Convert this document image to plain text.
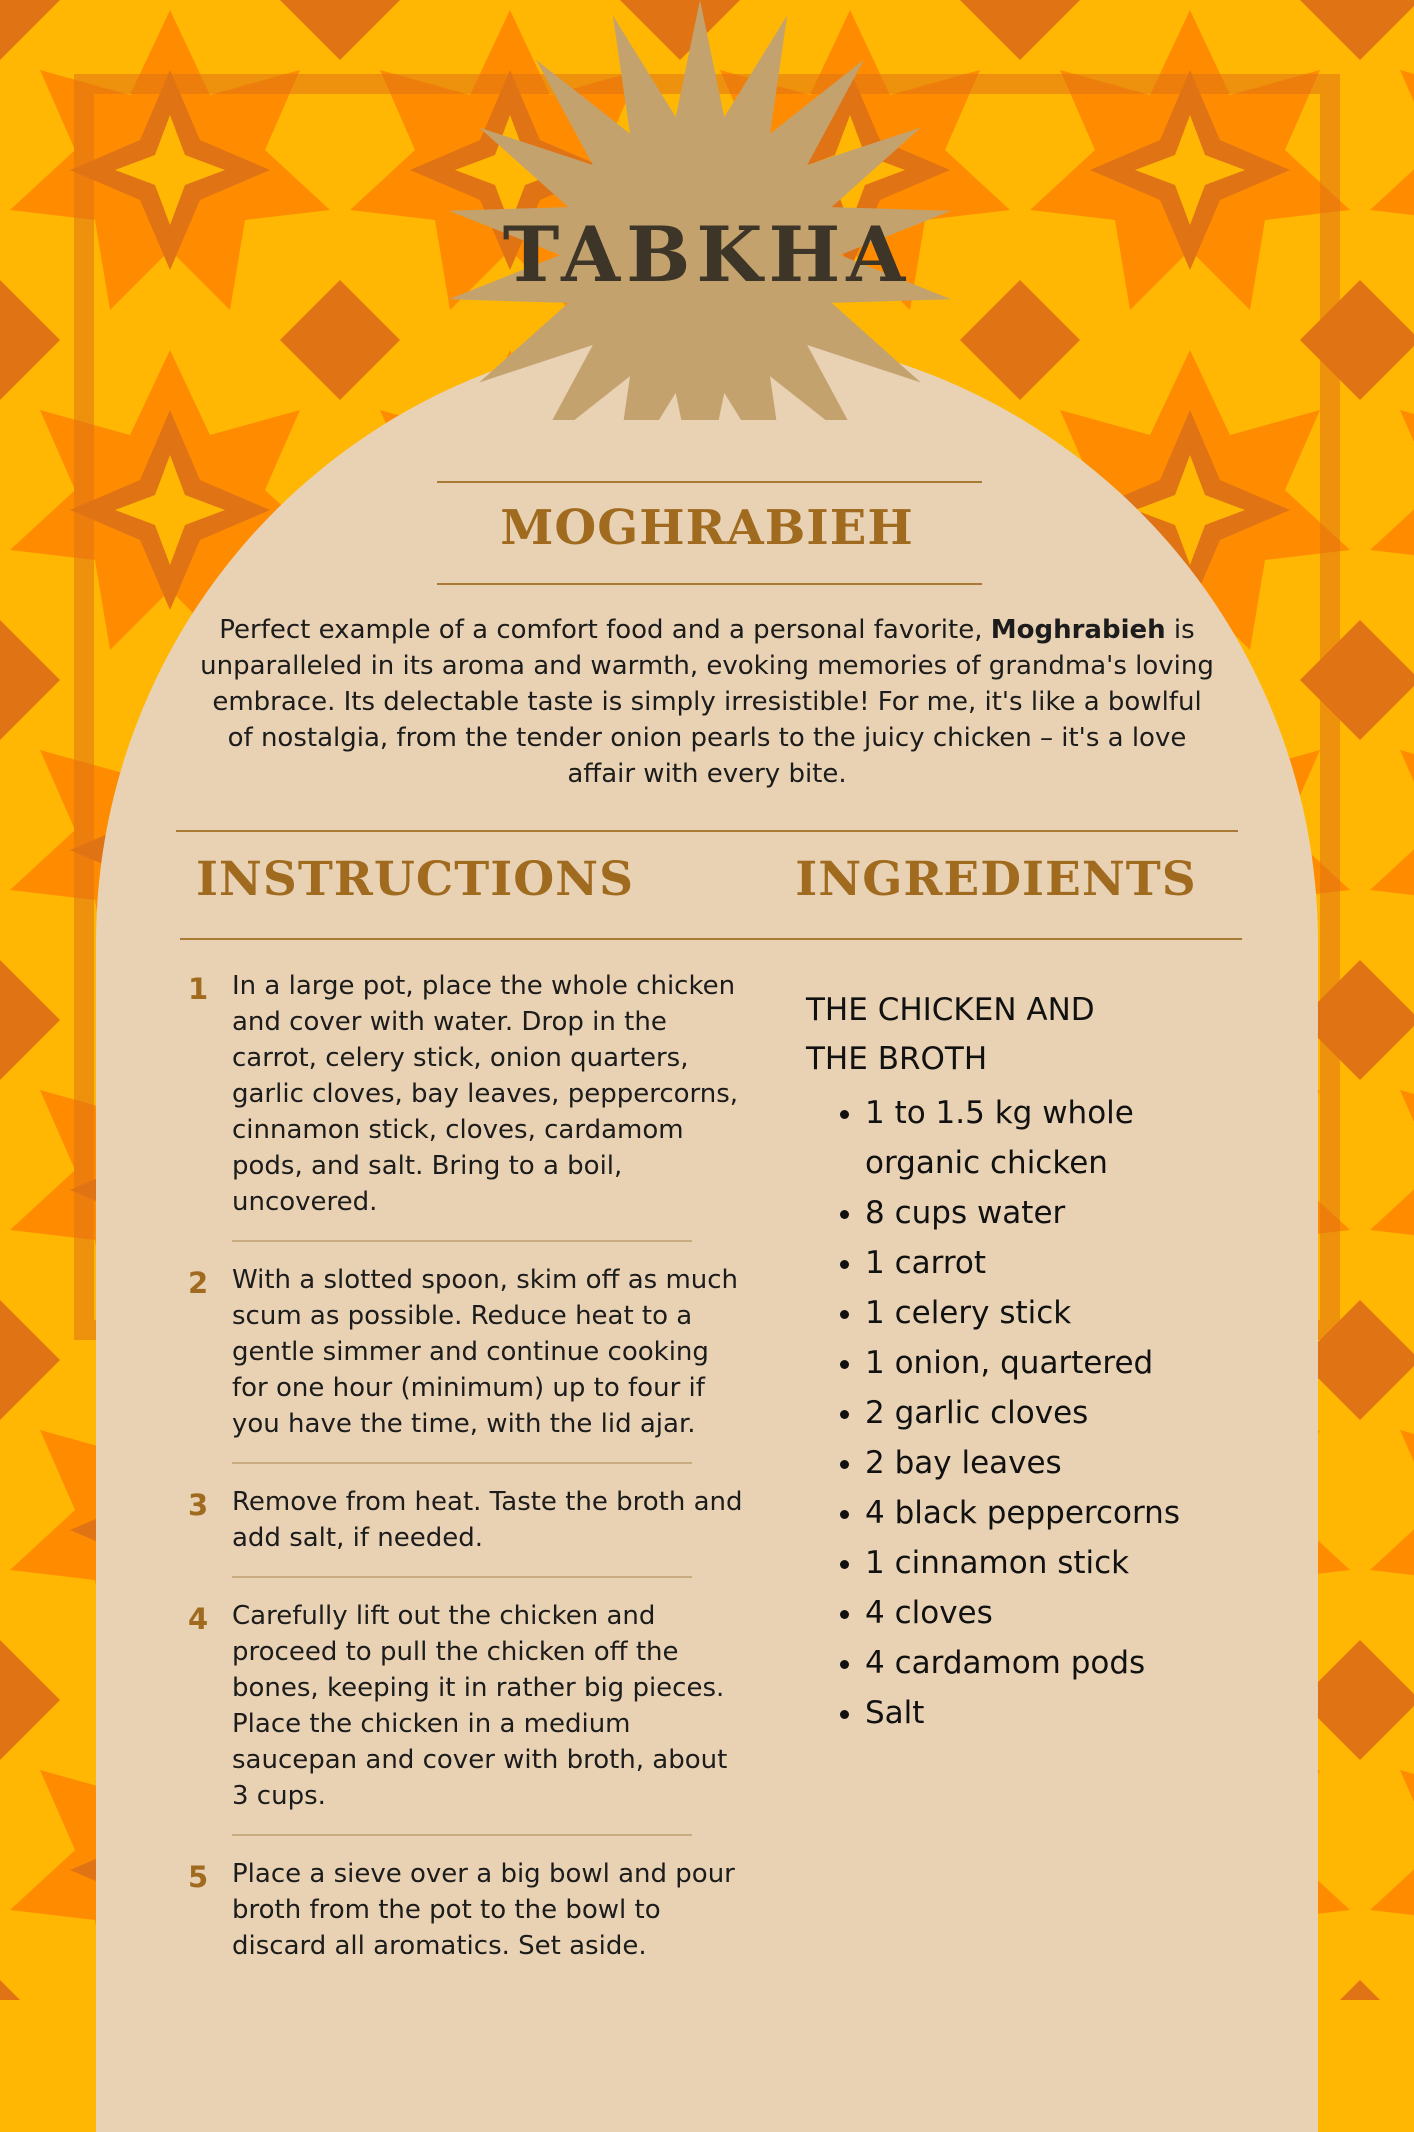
TABKHA
MOGHRABIEH

Perfect example of a comfort food and a personal favorite, Moghrabieh is unparalleled in its aroma and warmth, evoking memories of grandma's loving embrace. Its delectable taste is simply irresistible! For me, it's like a bowlful of nostalgia, from the tender onion pearls to the juicy chicken – it's a love affair with every bite.

INSTRUCTIONS	INGREDIENTS
1 In a large pot, place the whole chicken and cover with water. Drop in the carrot, celery stick, onion quarters, garlic cloves, bay leaves, peppercorns, cinnamon stick, cloves, cardamom pods, and salt. Bring to a boil, uncovered.
2 With a slotted spoon, skim off as much scum as possible. Reduce heat to a gentle simmer and continue cooking for one hour (minimum) up to four if you have the time, with the lid ajar.
3 Remove from heat. Taste the broth and add salt, if needed.
4 Carefully lift out the chicken and proceed to pull the chicken off the bones, keeping it in rather big pieces. Place the chicken in a medium saucepan and cover with broth, about 3 cups.
5 Place a sieve over a big bowl and pour broth from the pot to the bowl to discard all aromatics. Set aside.

THE CHICKEN AND THE BROTH

• 1 to 1.5 kg whole organic chicken
• 8 cups water
• 1 carrot
• 1 celery stick
• 1 onion, quartered
• 2 garlic cloves
• 2 bay leaves
• 4 black peppercorns
• 1 cinnamon stick
• 4 cloves
• 4 cardamom pods
• Salt
